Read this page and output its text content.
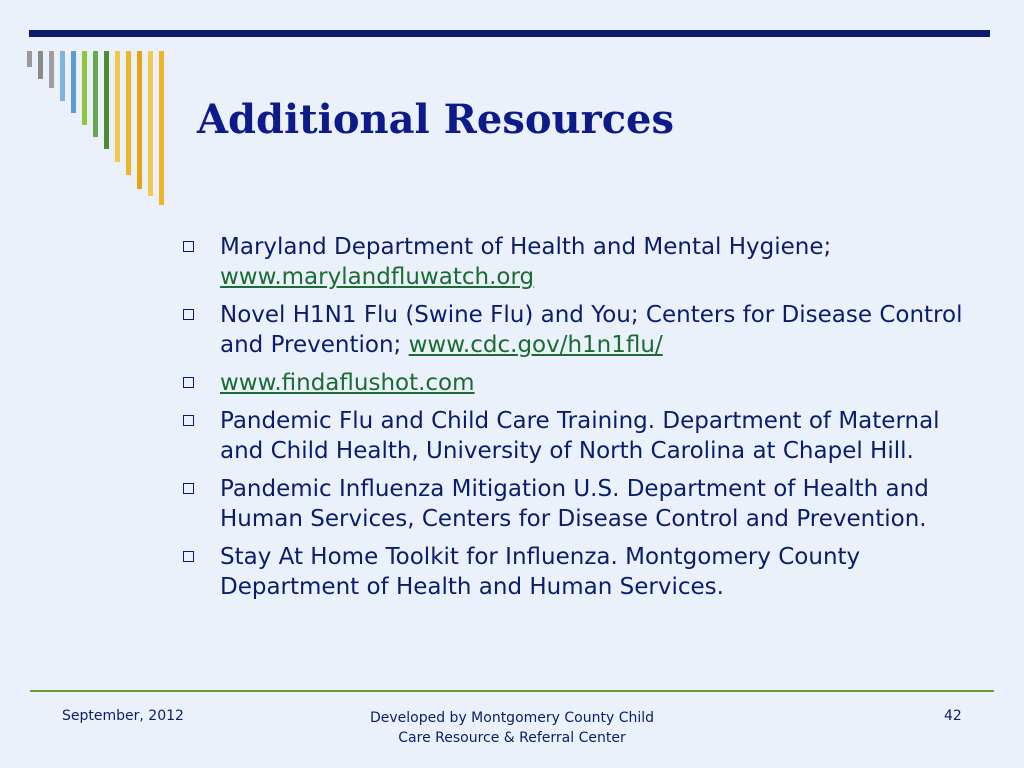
Additional Resources
Maryland Department of Health and Mental Hygiene;
www.marylandfluwatch.org
Novel H1N1 Flu (Swine Flu) and You; Centers for Disease Control and Prevention; www.cdc.gov/h1n1flu/
www.findaflushot.com
Pandemic Flu and Child Care Training. Department of Maternal and Child Health, University of North Carolina at Chapel Hill.
Pandemic Influenza Mitigation U.S. Department of Health and Human Services, Centers for Disease Control and Prevention.
Stay At Home Toolkit for Influenza. Montgomery County Department of Health and Human Services.
September, 2012	Developed by Montgomery County Child
Care Resource & Referral Center
42
